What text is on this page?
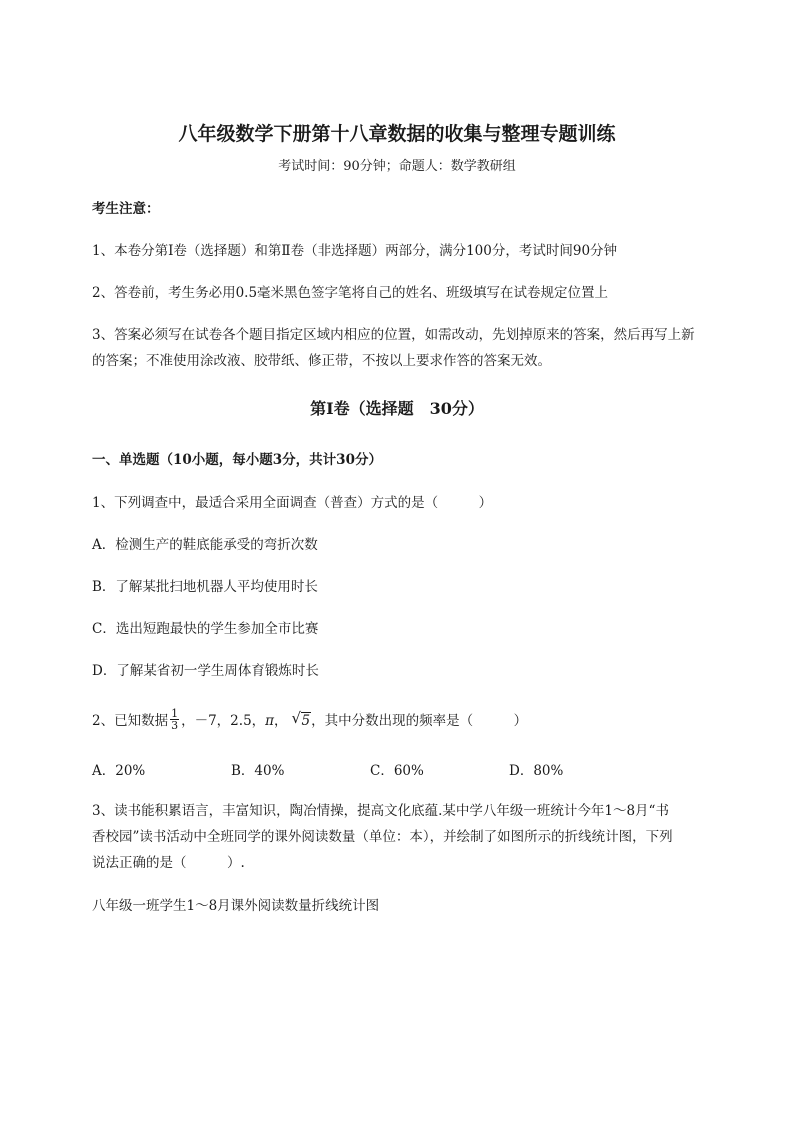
八年级数学下册第十八章数据的收集与整理专题训练
考试时间：90分钟；命题人：数学教研组
考生注意：
1、本卷分第I卷（选择题）和第Ⅱ卷（非选择题）两部分，满分100分，考试时间90分钟
2、答卷前，考生务必用0.5毫米黑色签字笔将自己的姓名、班级填写在试卷规定位置上
3、答案必须写在试卷各个题目指定区域内相应的位置，如需改动，先划掉原来的答案，然后再写上新
的答案；不准使用涂改液、胶带纸、修正带，不按以上要求作答的答案无效。
第I卷（选择题　30分）
一、单选题（10小题，每小题3分，共计30分）
1、下列调查中，最适合采用全面调查（普查）方式的是（　　　）
A．检测生产的鞋底能承受的弯折次数
B．了解某批扫地机器人平均使用时长
C．选出短跑最快的学生参加全市比赛
D．了解某省初一学生周体育锻炼时长
2、已知数据 $\frac{1}{3}$ ，－7，2.5，π， √ 5，其中分数出现的频率是（　　　）
A．20%	B．40%	C．60%	D．80%
3、读书能积累语言，丰富知识，陶冶情操，提高文化底蕴.某中学八年级一班统计今年1～8月“书
香校园”读书活动中全班同学的课外阅读数量（单位：本），并绘制了如图所示的折线统计图，下列
说法正确的是（　　　）.
八年级一班学生1～8月课外阅读数量折线统计图
